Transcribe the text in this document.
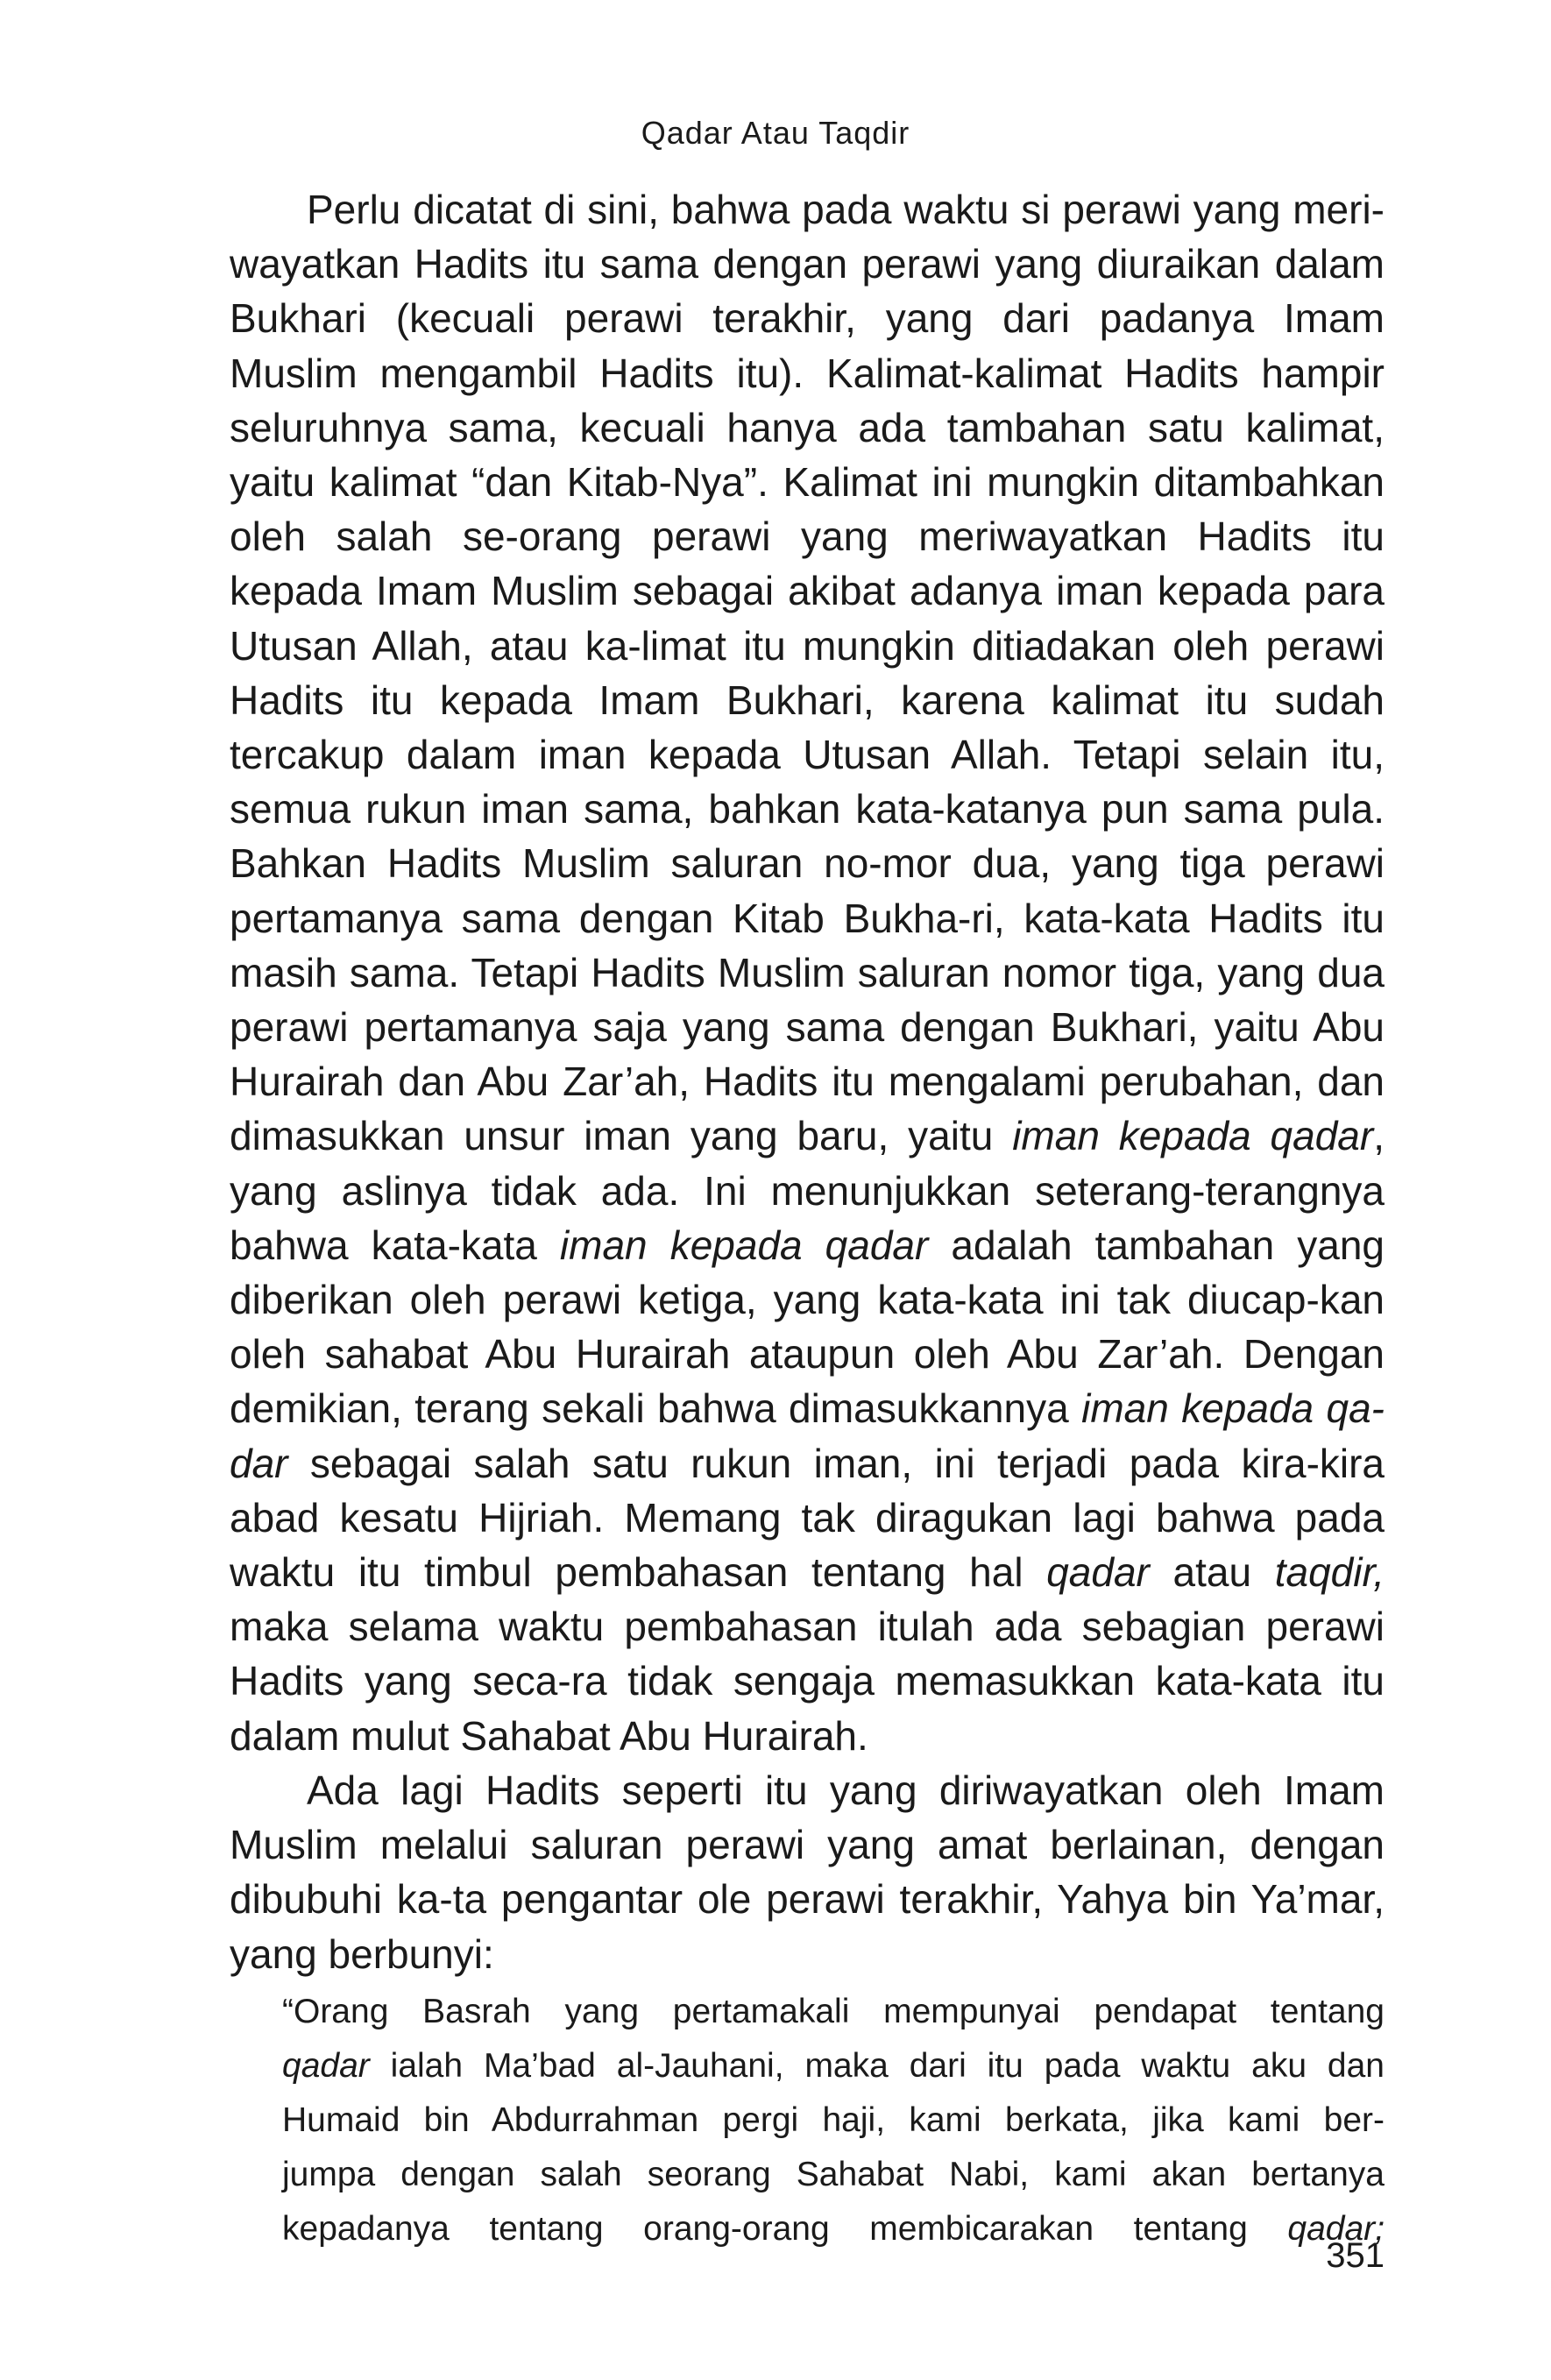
Qadar Atau Taqdir

Perlu dicatat di sini, bahwa pada waktu si perawi yang meri-wayatkan Hadits itu sama dengan perawi yang diuraikan dalam Bukhari (kecuali perawi terakhir, yang dari padanya Imam Muslim mengambil Hadits itu). Kalimat-kalimat Hadits hampir seluruhnya sama, kecuali hanya ada tambahan satu kalimat, yaitu kalimat “dan Kitab-Nya”. Kalimat ini mungkin ditambahkan oleh salah se-orang perawi yang meriwayatkan Hadits itu kepada Imam Muslim sebagai akibat adanya iman kepada para Utusan Allah, atau ka-limat itu mungkin ditiadakan oleh perawi Hadits itu kepada Imam Bukhari, karena kalimat itu sudah tercakup dalam iman kepada Utusan Allah. Tetapi selain itu, semua rukun iman sama, bahkan kata-katanya pun sama pula. Bahkan Hadits Muslim saluran no-mor dua, yang tiga perawi pertamanya sama dengan Kitab Bukha-ri, kata-kata Hadits itu masih sama. Tetapi Hadits Muslim saluran nomor tiga, yang dua perawi pertamanya saja yang sama dengan Bukhari, yaitu Abu Hurairah dan Abu Zar’ah, Hadits itu mengalami perubahan, dan dimasukkan unsur iman yang baru, yaitu iman kepada qadar, yang aslinya tidak ada. Ini menunjukkan seterang-terangnya bahwa kata-kata iman kepada qadar adalah tambahan yang diberikan oleh perawi ketiga, yang kata-kata ini tak diucap-kan oleh sahabat Abu Hurairah ataupun oleh Abu Zar’ah. Dengan demikian, terang sekali bahwa dimasukkannya iman kepada qa-dar sebagai salah satu rukun iman, ini terjadi pada kira-kira abad kesatu Hijriah. Memang tak diragukan lagi bahwa pada waktu itu timbul pembahasan tentang hal qadar atau taqdir, maka selama waktu pembahasan itulah ada sebagian perawi Hadits yang seca-ra tidak sengaja memasukkan kata-kata itu dalam mulut Sahabat Abu Hurairah.

Ada lagi Hadits seperti itu yang diriwayatkan oleh Imam Muslim melalui saluran perawi yang amat berlainan, dengan dibubuhi ka-ta pengantar ole perawi terakhir, Yahya bin Ya’mar, yang berbunyi:

“Orang Basrah yang pertamakali mempunyai pendapat tentang
qadar ialah Ma’bad al-Jauhani, maka dari itu pada waktu aku dan
Humaid bin Abdurrahman pergi haji, kami berkata, jika kami ber-
jumpa dengan salah seorang Sahabat Nabi, kami akan bertanya
kepadanya tentang orang-orang membicarakan tentang qadar;
351
